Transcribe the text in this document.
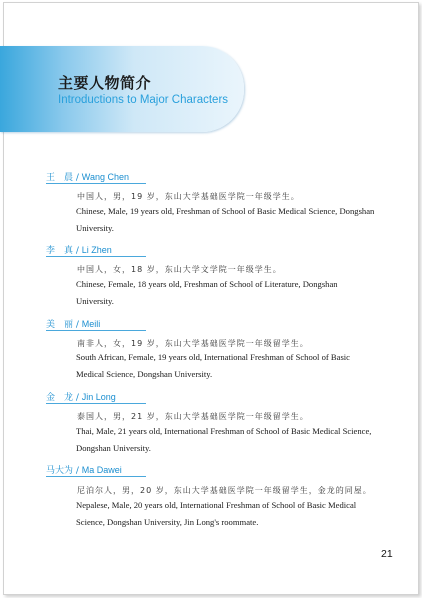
主要人物简介
Introductions to Major Characters
王　晨 / Wang Chen
中国人，男，19 岁，东山大学基础医学院一年级学生。
Chinese, Male, 19 years old, Freshman of School of Basic Medical Science, Dongshan University.
李　真 / Li Zhen
中国人，女，18 岁，东山大学文学院一年级学生。
Chinese, Female, 18 years old, Freshman of School of Literature, Dongshan University.
美　丽 / Meili
南非人，女，19 岁，东山大学基础医学院一年级留学生。
South African, Female, 19 years old, International Freshman of School of Basic Medical Science, Dongshan University.
金　龙 / Jin Long
泰国人，男，21 岁，东山大学基础医学院一年级留学生。
Thai, Male, 21 years old, International Freshman of School of Basic Medical Science, Dongshan University.
马大为 / Ma Dawei
尼泊尔人，男，20 岁，东山大学基础医学院一年级留学生，金龙的同屋。
Nepalese, Male, 20 years old, International Freshman of School of Basic Medical Science, Dongshan University, Jin Long's roommate.
21
